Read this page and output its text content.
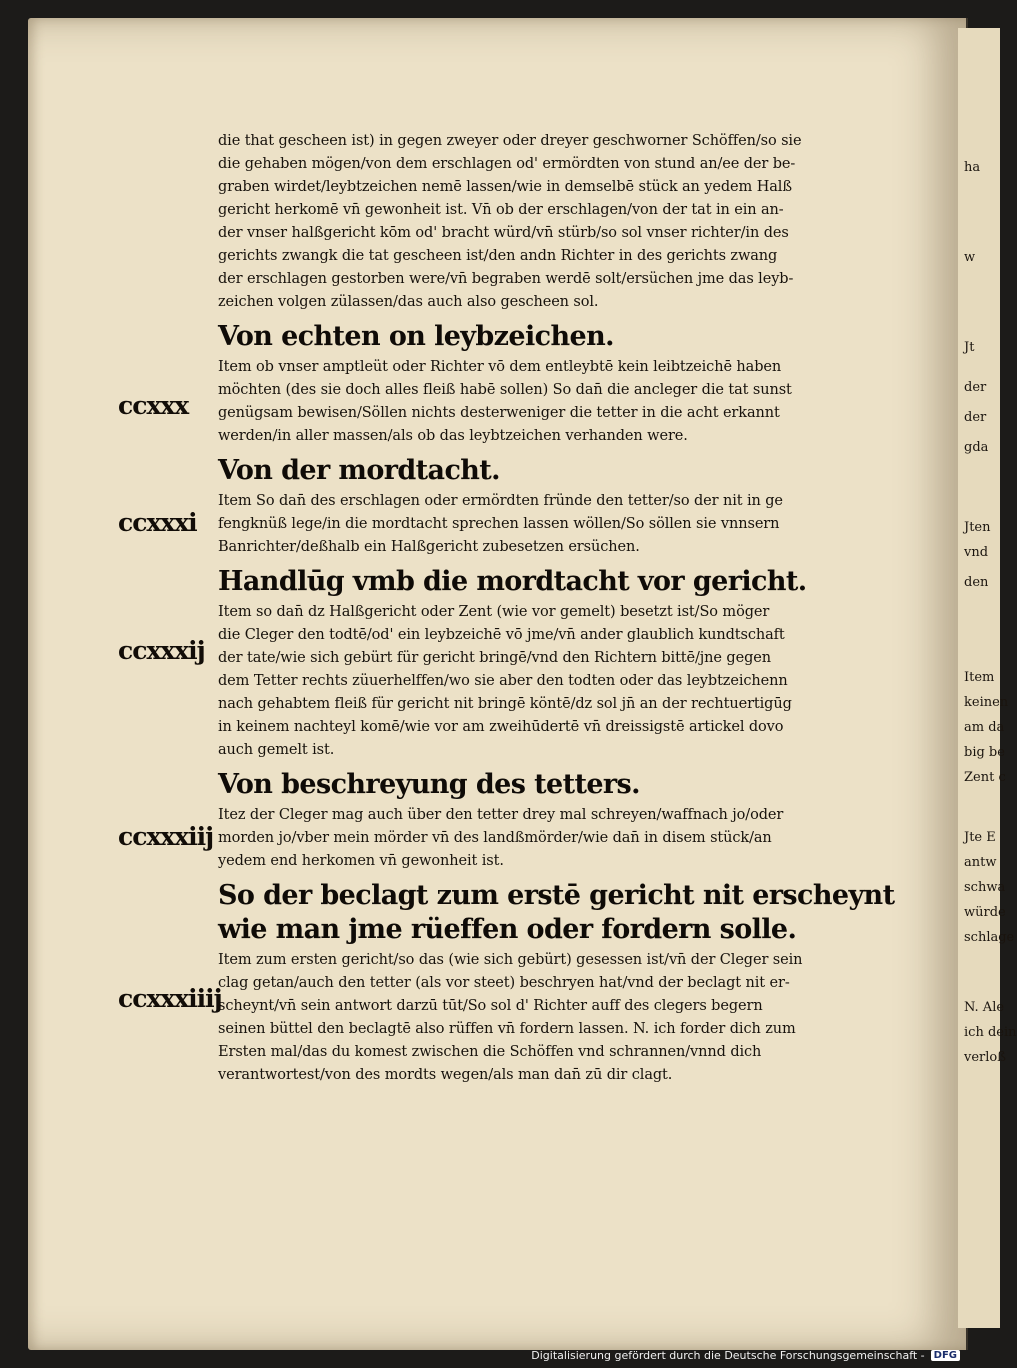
ha
w
Jt
der
der
gda
Jten
vnd
den
Item
keinen
am da
big be
Zent c
Jte E
antw
schwa
würde
schlage
N. Ale
ich dein
verloß
die that gescheen ist) in gegen zweyer oder dreyer geschworner Schöffen/so sie
die gehaben mögen/von dem erschlagen od' ermördten von stund an/ee der be-
graben wirdet/leybtzeichen nemē lassen/wie in demselbē stück an yedem Halß
gericht herkomē vn̄ gewonheit ist. Vn̄ ob der erschlagen/von der tat in ein an-
der vnser halßgericht kōm od' bracht würd/vn̄ stürb/so sol vnser richter/in des
gerichts zwangk die tat gescheen ist/den andn Richter in des gerichts zwang
der erschlagen gestorben were/vn̄ begraben werdē solt/ersüchen jme das leyb-
zeichen volgen zülassen/das auch also gescheen sol.
Von echten on leybzeichen.
Item ob vnser amptleüt oder Richter vō dem entleybtē kein leibtzeichē haben
möchten (des sie doch alles fleiß habē sollen) So dan̄ die ancleger die tat sunst
genügsam bewisen/Söllen nichts desterweniger die tetter in die acht erkannt
werden/in aller massen/als ob das leybtzeichen verhanden were.
Von der mordtacht.
Item So dan̄ des erschlagen oder ermördten fründe den tetter/so der nit in ge
fengknüß lege/in die mordtacht sprechen lassen wöllen/So söllen sie vnnsern
Banrichter/deßhalb ein Halßgericht zubesetzen ersüchen.
Handlūg vmb die mordtacht vor gericht.
Item so dan̄ dz Halßgericht oder Zent (wie vor gemelt) besetzt ist/So möger
die Cleger den todtē/od' ein leybzeichē vō jme/vn̄ ander glaublich kundtschaft
der tate/wie sich gebürt für gericht bringē/vnd den Richtern bittē/jne gegen
dem Tetter rechts züuerhelffen/wo sie aber den todten oder das leybtzeichenn
nach gehabtem fleiß für gericht nit bringē köntē/dz sol jn̄ an der rechtuertigūg
in keinem nachteyl komē/wie vor am zweihūdertē vn̄ dreissigstē artickel dovo
auch gemelt ist.
Von beschreyung des tetters.
Itez der Cleger mag auch über den tetter drey mal schreyen/waffnach jo/oder
morden jo/vber mein mörder vn̄ des landßmörder/wie dan̄ in disem stück/an
yedem end herkomen vn̄ gewonheit ist.
So der beclagt zum erstē gericht nit erscheynt
wie man jme rüeffen oder fordern solle.
Item zum ersten gericht/so das (wie sich gebürt) gesessen ist/vn̄ der Cleger sein
clag getan/auch den tetter (als vor steet) beschryen hat/vnd der beclagt nit er-
scheynt/vn̄ sein antwort darzū tūt/So sol d' Richter auff des clegers begern
seinen büttel den beclagtē also rüffen vn̄ fordern lassen. N. ich forder dich zum
Ersten mal/das du komest zwischen die Schöffen vnd schrannen/vnnd dich
verantwortest/von des mordts wegen/als man dan̄ zū dir clagt.
Digitalisierung gefördert durch die Deutsche Forschungsgemeinschaft - DFG
ccxxx
ccxxxi
ccxxxij
ccxxxiij
ccxxxiiij
